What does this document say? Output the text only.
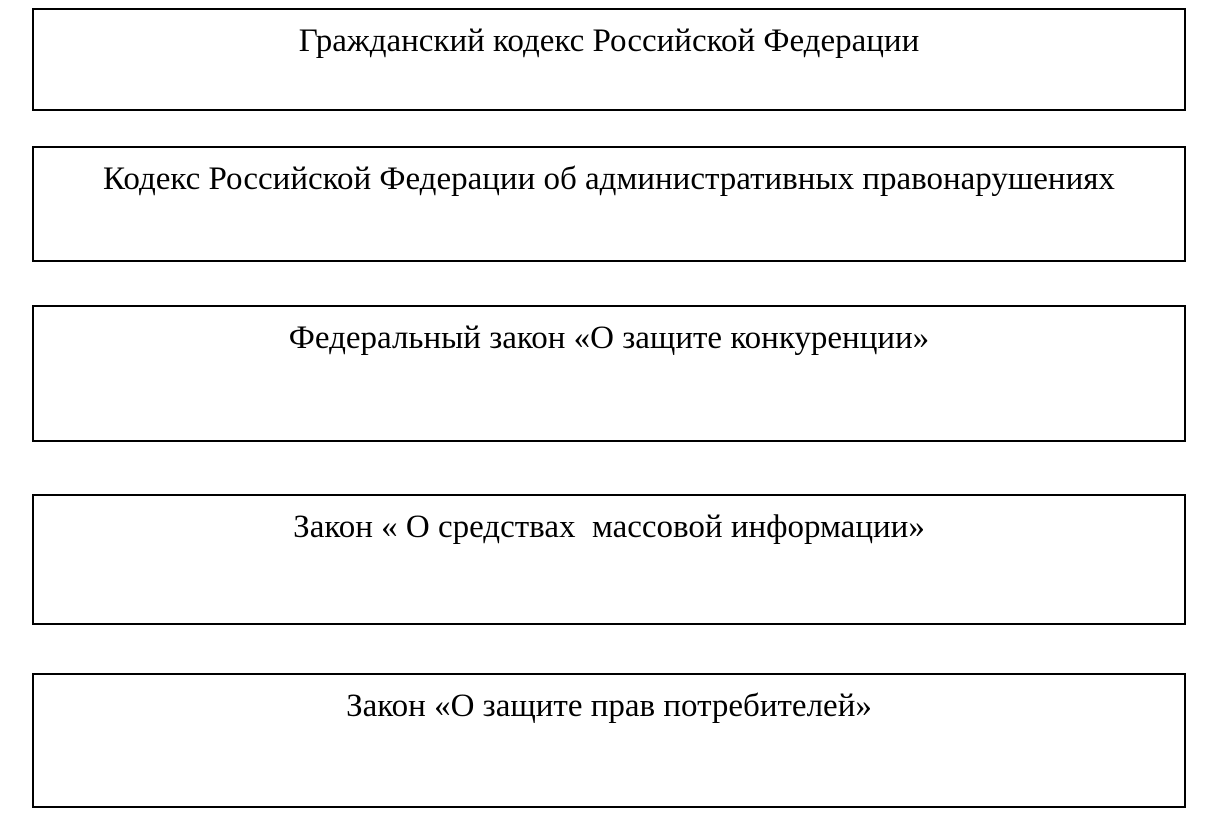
Гражданский кодекс Российской Федерации
Кодекс Российской Федерации об административных правонарушениях
Федеральный закон «О защите конкуренции»
Закон « О средствах  массовой информации»
Закон «О защите прав потребителей»
